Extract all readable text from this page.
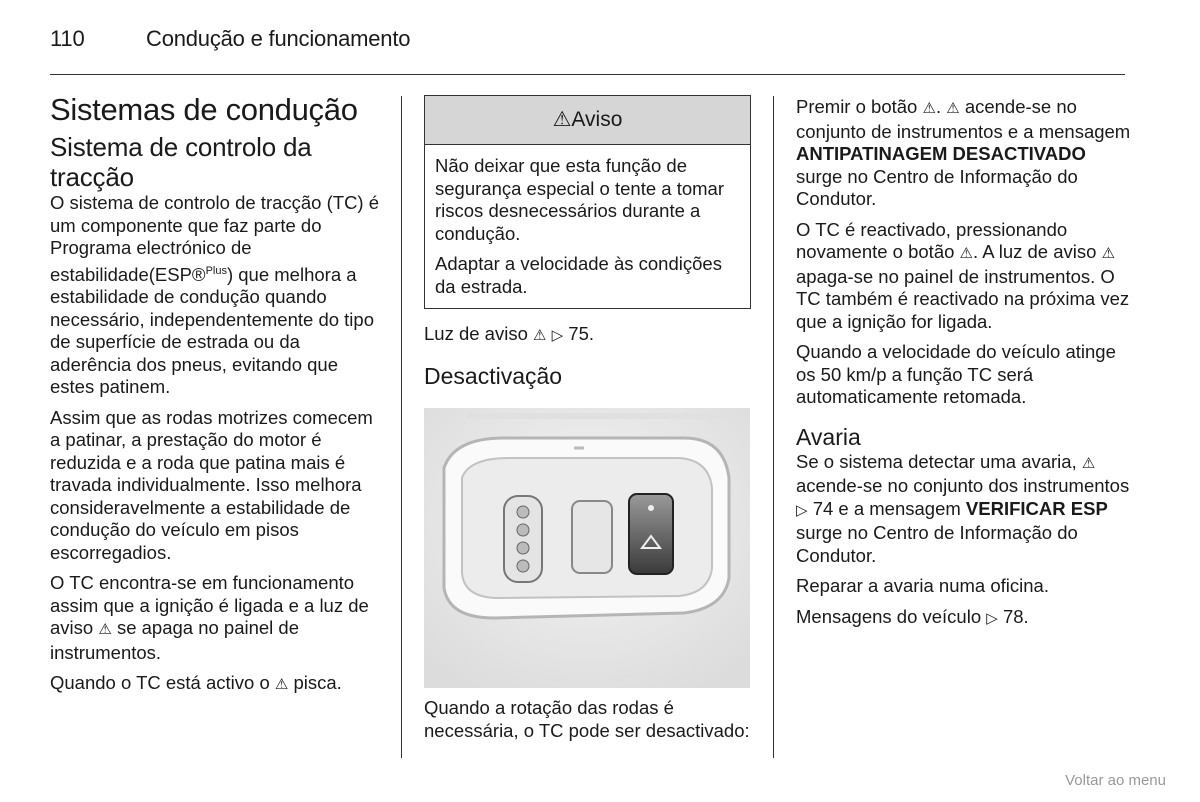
110	Condução e funcionamento
Sistemas de condução
Sistema de controlo da tracção

O sistema de controlo de tracção (TC) é um componente que faz parte do Programa electrónico de estabilidade(ESP®$^{Plus}$) que melhora a estabilidade de condução quando necessário, independentemente do tipo de superfície de estrada ou da aderência dos pneus, evitando que estes patinem.

Assim que as rodas motrizes comecem a patinar, a prestação do motor é reduzida e a roda que patina mais é travada individualmente. Isso melhora consideravelmente a estabilidade de condução do veículo em pisos escorregadios.

O TC encontra-se em funcionamento assim que a ignição é ligada e a luz de aviso ⚠ se apaga no painel de instrumentos.

Quando o TC está activo o ⚠ pisca.

⚠Aviso

Não deixar que esta função de segurança especial o tente a tomar riscos desnecessários durante a condução.

Adaptar a velocidade às condições da estrada.

Luz de aviso ⚠ ▷ 75.

Desactivação

Quando a rotação das rodas é necessária, o TC pode ser desactivado:

Premir o botão ⚠. ⚠ acende-se no conjunto de instrumentos e a mensagem ANTIPATINAGEM DESACTIVADO surge no Centro de Informação do Condutor.

O TC é reactivado, pressionando novamente o botão ⚠. A luz de aviso ⚠ apaga-se no painel de instrumentos. O TC também é reactivado na próxima vez que a ignição for ligada.

Quando a velocidade do veículo atinge os 50 km/p a função TC será automaticamente retomada.

Avaria

Se o sistema detectar uma avaria, ⚠ acende-se no conjunto dos instrumentos ▷ 74 e a mensagem VERIFICAR ESP surge no Centro de Informação do Condutor.

Reparar a avaria numa oficina.

Mensagens do veículo ▷ 78.

Voltar ao menu
